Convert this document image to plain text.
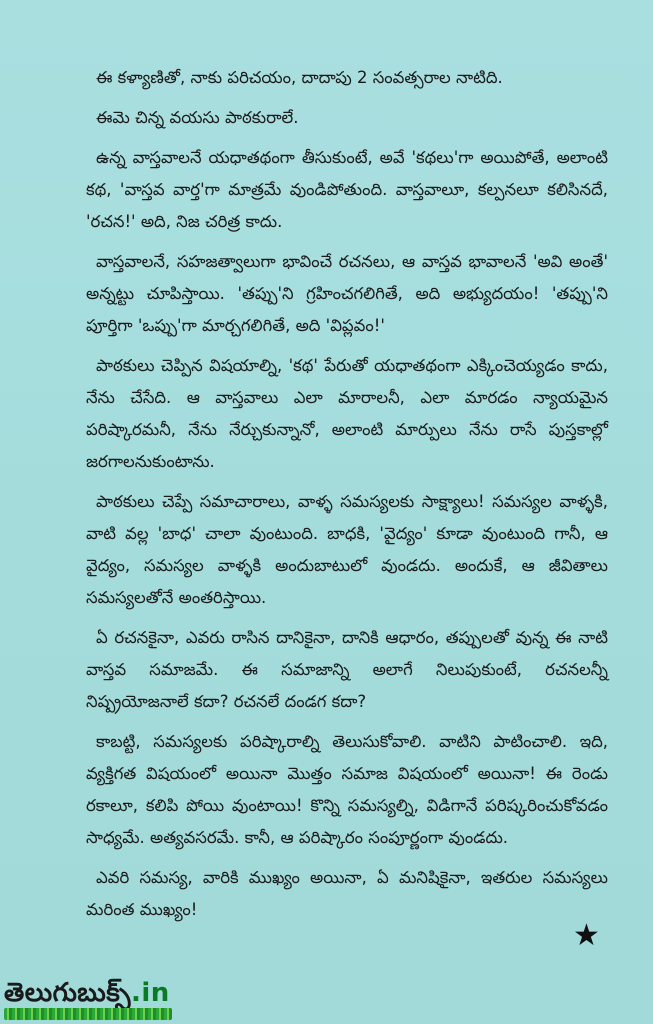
ఈ కళ్యాణితో, నాకు పరిచయం, దాదాపు 2 సంవత్సరాల నాటిది.

ఈమె చిన్న వయసు పాఠకురాలే.

ఉన్న వాస్తవాలనే యధాతథంగా తీసుకుంటే, అవే 'కథలు'గా అయిపోతే, అలాంటి కథ, 'వాస్తవ వార్త'గా మాత్రమే వుండిపోతుంది. వాస్తవాలూ, కల్పనలూ కలిసినదే, 'రచన!' అది, నిజ చరిత్ర కాదు.

వాస్తవాలనే, సహజత్వాలుగా భావించే రచనలు, ఆ వాస్తవ భావాలనే 'అవి అంతే' అన్నట్టు చూపిస్తాయి. 'తప్పు'ని గ్రహించగలిగితే, అది అభ్యుదయం! 'తప్పు'ని పూర్తిగా 'ఒప్పు'గా మార్చగలిగితే, అది 'విప్లవం!'

పాఠకులు చెప్పిన విషయాల్ని, 'కథ' పేరుతో యధాతథంగా ఎక్కించెయ్యడం కాదు, నేను చేసేది. ఆ వాస్తవాలు ఎలా మారాలనీ, ఎలా మారడం న్యాయమైన పరిష్కారమనీ, నేను నేర్చుకున్నానో, అలాంటి మార్పులు నేను రాసే పుస్తకాల్లో జరగాలనుకుంటాను.

పాఠకులు చెప్పే సమాచారాలు, వాళ్ళ సమస్యలకు సాక్ష్యాలు! సమస్యల వాళ్ళకి, వాటి వల్ల 'బాధ' చాలా వుంటుంది. బాధకి, 'వైద్యం' కూడా వుంటుంది గానీ, ఆ వైద్యం, సమస్యల వాళ్ళకి అందుబాటులో వుండదు. అందుకే, ఆ జీవితాలు సమస్యలతోనే అంతరిస్తాయి.

ఏ రచనకైనా, ఎవరు రాసిన దానికైనా, దానికి ఆధారం, తప్పులతో వున్న ఈ నాటి వాస్తవ సమాజమే. ఈ సమాజాన్ని అలాగే నిలుపుకుంటే, రచనలన్నీ నిష్ప్రయోజనాలే కదా? రచనలే దండగ కదా?

కాబట్టి, సమస్యలకు పరిష్కారాల్ని తెలుసుకోవాలి. వాటిని పాటించాలి. ఇది, వ్యక్తిగత విషయంలో అయినా మొత్తం సమాజ విషయంలో అయినా! ఈ రెండు రకాలూ, కలిపి పోయి వుంటాయి! కొన్ని సమస్యల్ని, విడిగానే పరిష్కరించుకోవడం సాధ్యమే. అత్యవసరమే. కానీ, ఆ పరిష్కారం సంపూర్ణంగా వుండదు.

ఎవరి సమస్య, వారికి ముఖ్యం అయినా, ఏ మనిషికైనా, ఇతరుల సమస్యలు మరింత ముఖ్యం!

★
తెలుగుబుక్స్.in
